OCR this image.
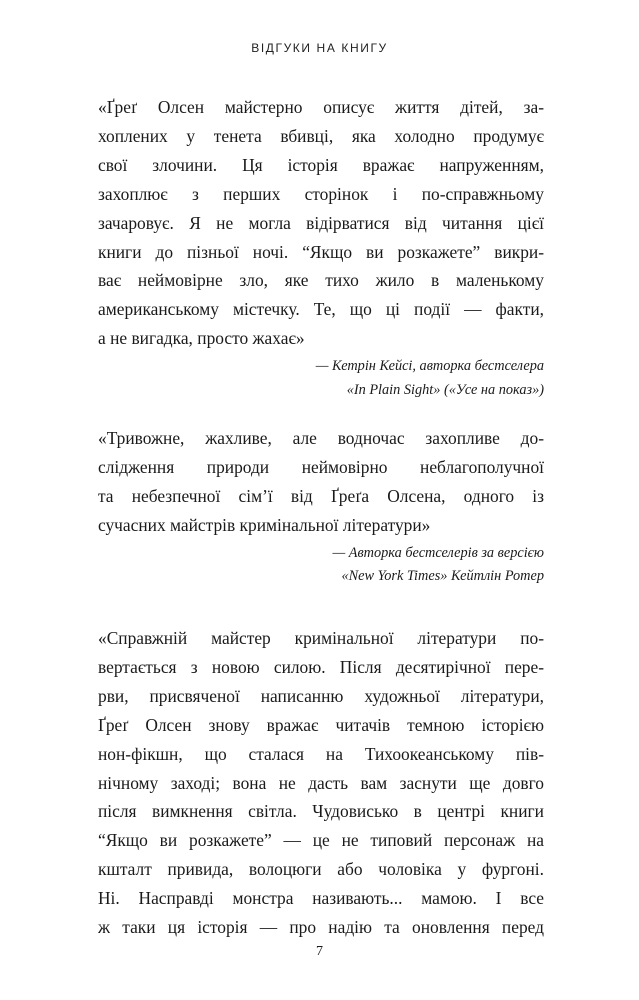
ВІДГУКИ НА КНИГУ

«Ґреґ Олсен майстерно описує життя дітей, за-
хоплених у тенета вбивці, яка холодно продумує
свої злочини. Ця історія вражає напруженням,
захоплює з перших сторінок і по-справжньому
зачаровує. Я не могла відірватися від читання цієї
книги до пізньої ночі. “Якщо ви розкажете” викри-
ває неймовірне зло, яке тихо жило в маленькому
американському містечку. Те, що ці події — факти,
а не вигадка, просто жахає»

— Кетрін Кейсі, авторка бестселера
«In Plain Sight» («Усе на показ»)

«Тривожне, жахливе, але водночас захопливе до-
слідження природи неймовірно неблагополучної
та небезпечної сім’ї від Ґреґа Олсена, одного із
сучасних майстрів кримінальної літератури»

— Авторка бестселерів за версією
«New York Times» Кейтлін Ротер

«Справжній майстер кримінальної літератури по-
вертається з новою силою. Після десятирічної пере-
рви, присвяченої написанню художньої літератури,
Ґреґ Олсен знову вражає читачів темною історією
нон-фікшн, що сталася на Тихоокеанському пів-
нічному заході; вона не дасть вам заснути ще довго
після вимкнення світла. Чудовисько в центрі книги
“Якщо ви розкажете” — це не типовий персонаж на
кшталт привида, волоцюги або чоловіка у фургоні.
Ні. Насправді монстра називають... мамою. І все
ж таки ця історія — про надію та оновлення перед

7
